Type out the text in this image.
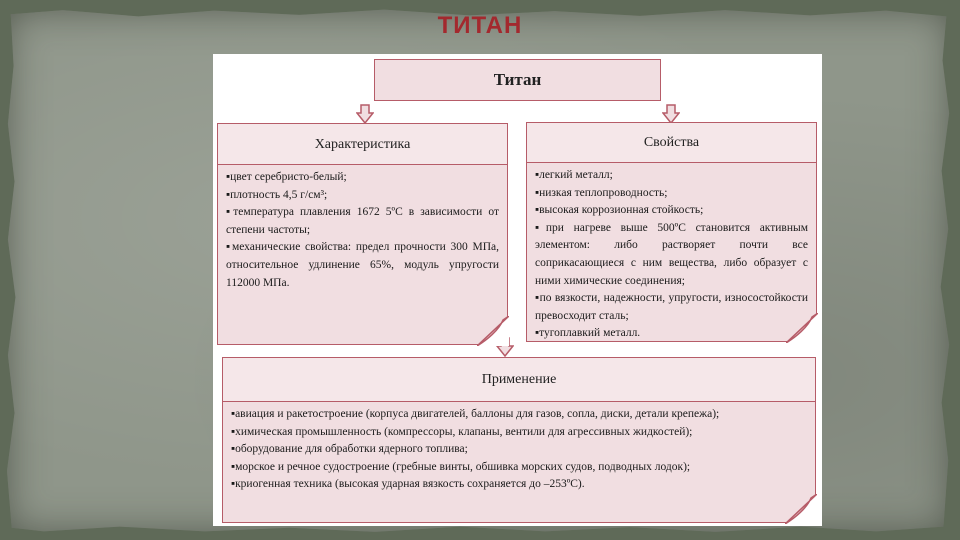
ТИТАН
Титан
Характеристика
▪цвет серебристо-белый;
▪плотность 4,5 г/см³;
▪температура плавления 1672 5ºС в зависимости от степени частоты;
▪механические свойства: предел прочности 300 МПа, относительное удлинение 65%, модуль упругости 112000 МПа.
Свойства
▪легкий металл;
▪низкая теплопроводность;
▪высокая коррозионная стойкость;
▪при нагреве выше 500ºС становится активным элементом: либо растворяет почти все соприкасающиеся с ним вещества, либо образует с ними химические соединения;
▪по вязкости, надежности, упругости, износостойкости превосходит сталь;
▪тугоплавкий металл.
Применение
▪авиация и ракетостроение (корпуса двигателей, баллоны для газов, сопла, диски, детали крепежа);
▪химическая промышленность (компрессоры, клапаны, вентили для агрессивных жидкостей);
▪оборудование для обработки ядерного топлива;
▪морское и речное судостроение (гребные винты, обшивка морских судов, подводных лодок);
▪криогенная техника (высокая ударная вязкость сохраняется до –253ºС).
